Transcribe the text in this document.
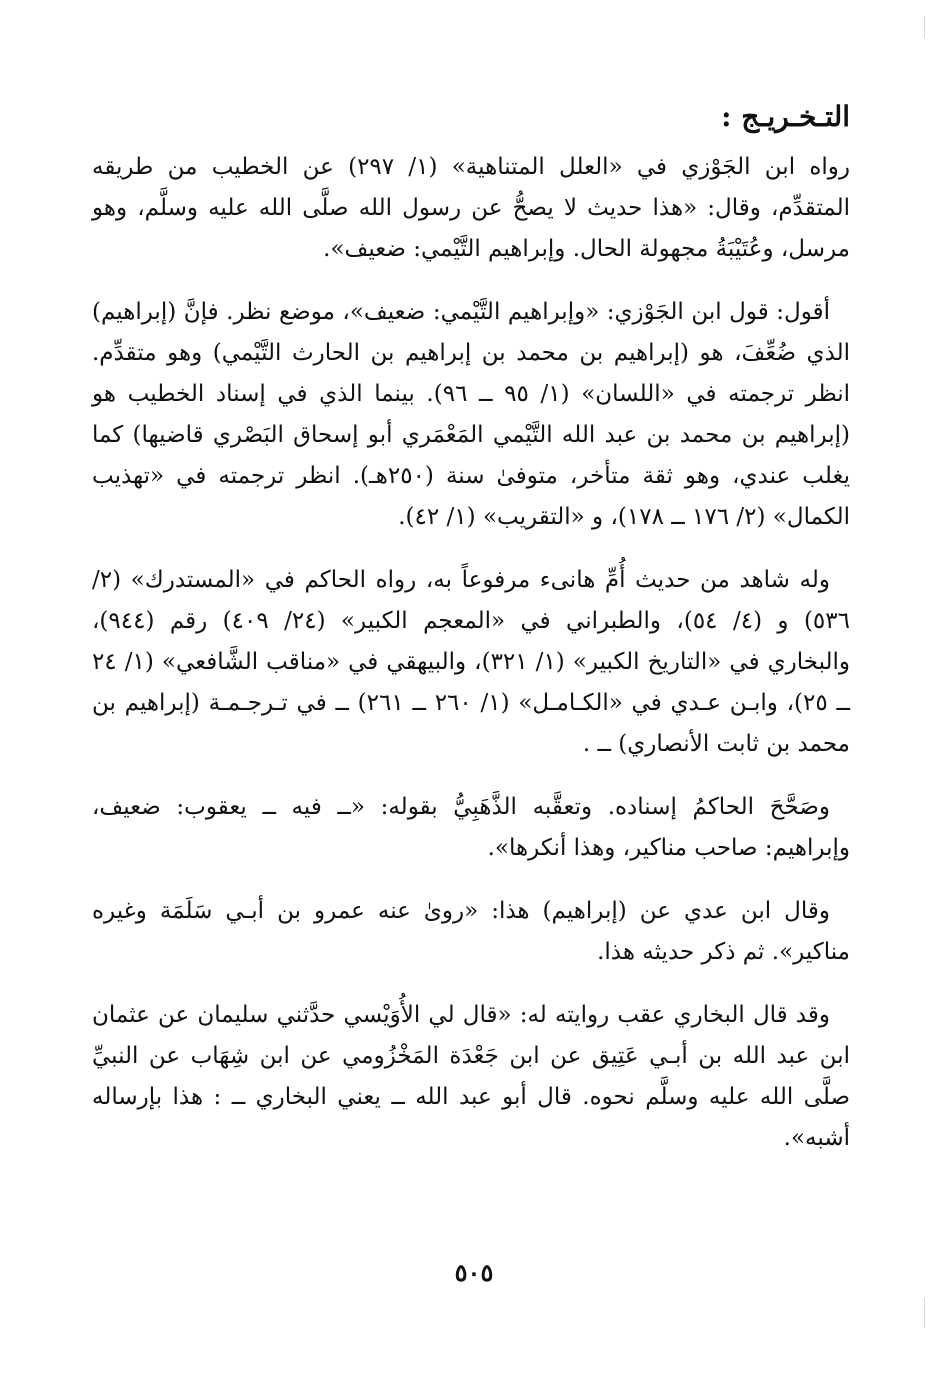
التـخـريـج :

رواه ابن الجَوْزي في «العلل المتناهية» (١/ ٢٩٧) عن الخطيب من طريقه المتقدِّم، وقال: «هذا حديث لا يصحُّ عن رسول الله صلَّى الله عليه وسلَّم، وهو مرسل، وعُتَيْبَةُ مجهولة الحال. وإبراهيم التَّيْمي: ضعيف».

أقول: قول ابن الجَوْزي: «وإبراهيم التَّيْمي: ضعيف»، موضع نظر. فإنَّ (إبراهيم) الذي ضُعِّفَ، هو (إبراهيم بن محمد بن إبراهيم بن الحارث التَّيْمي) وهو متقدِّم. انظر ترجمته في «اللسان» (١/ ٩٥ ــ ٩٦). بينما الذي في إسناد الخطيب هو (إبراهيم بن محمد بن عبد الله التَّيْمي المَعْمَري أبو إسحاق البَصْري قاضيها) كما يغلب عندي، وهو ثقة متأخر، متوفىٰ سنة (٢٥٠هـ). انظر ترجمته في «تهذيب الكمال» (٢/ ١٧٦ ــ ١٧٨)، و «التقريب» (١/ ٤٢).

وله شاهد من حديث أُمِّ هانىء مرفوعاً به، رواه الحاكم في «المستدرك» (٢/ ٥٣٦) و (٤/ ٥٤)، والطبراني في «المعجم الكبير» (٢٤/ ٤٠٩) رقم (٩٤٤)، والبخاري في «التاريخ الكبير» (١/ ٣٢١)، والبيهقي في «مناقب الشَّافعي» (١/ ٢٤ ــ ٢٥)، وابـن عـدي في «الكـامـل» (١/ ٢٦٠ ــ ٢٦١) ــ في تـرجـمـة (إبراهيم بن محمد بن ثابت الأنصاري) ــ .

وصَحَّحَ الحاكمُ إسناده. وتعقَّبه الذَّهَبِيُّ بقوله: «ــ فيه ــ يعقوب: ضعيف، وإبراهيم: صاحب مناكير، وهذا أنكرها».

وقال ابن عدي عن (إبراهيم) هذا: «روىٰ عنه عمرو بن أبـي سَلَمَة وغيره مناكير». ثم ذكر حديثه هذا.

وقد قال البخاري عقب روايته له: «قال لي الأُوَيْسي حدَّثني سليمان عن عثمان ابن عبد الله بن أبـي عَتِيق عن ابن جَعْدَة المَخْزُومي عن ابن شِهَاب عن النبيِّ صلَّى الله عليه وسلَّم نحوه. قال أبو عبد الله ــ يعني البخاري ــ : هذا بإرساله أشبه».

٥٠٥
